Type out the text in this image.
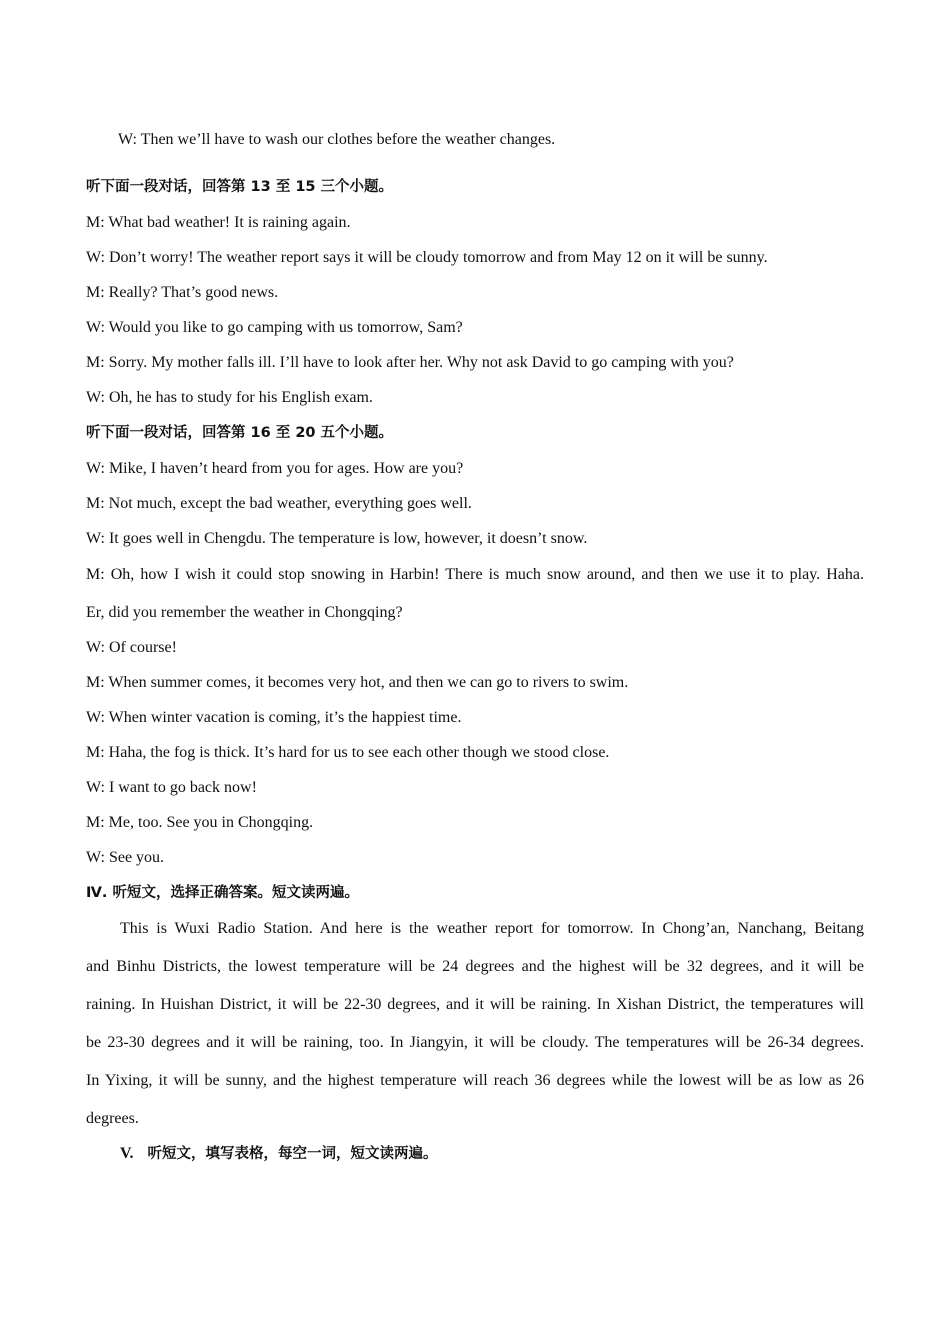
W: Then we’ll have to wash our clothes before the weather changes.

听下面一段对话，回答第 13 至 15 三个小题。

M: What bad weather! It is raining again.

W: Don’t worry! The weather report says it will be cloudy tomorrow and from May 12 on it will be sunny.

M: Really? That’s good news.

W: Would you like to go camping with us tomorrow, Sam?

M: Sorry. My mother falls ill. I’ll have to look after her. Why not ask David to go camping with you?

W: Oh, he has to study for his English exam.

听下面一段对话，回答第 16 至 20 五个小题。

W: Mike, I haven’t heard from you for ages. How are you?

M: Not much, except the bad weather, everything goes well.

W: It goes well in Chengdu. The temperature is low, however, it doesn’t snow.

M: Oh, how I wish it could stop snowing in Harbin! There is much snow around, and then we use it to play. Haha.

Er, did you remember the weather in Chongqing?

W: Of course!

M: When summer comes, it becomes very hot, and then we can go to rivers to swim.

W: When winter vacation is coming, it’s the happiest time.

M: Haha, the fog is thick. It’s hard for us to see each other though we stood close.

W: I want to go back now!

M: Me, too. See you in Chongqing.

W: See you.

Ⅳ. 听短文，选择正确答案。短文读两遍。

This is Wuxi Radio Station. And here is the weather report for tomorrow. In Chong’an, Nanchang, Beitang

and Binhu Districts, the lowest temperature will be 24 degrees and the highest will be 32 degrees, and it will be

raining. In Huishan District, it will be 22-30 degrees, and it will be raining. In Xishan District, the temperatures will

be 23-30 degrees and it will be raining, too. In Jiangyin, it will be cloudy. The temperatures will be 26-34 degrees.

In Yixing, it will be sunny, and the highest temperature will reach 36 degrees while the lowest will be as low as 26

degrees.

V. 听短文，填写表格，每空一词，短文读两遍。
